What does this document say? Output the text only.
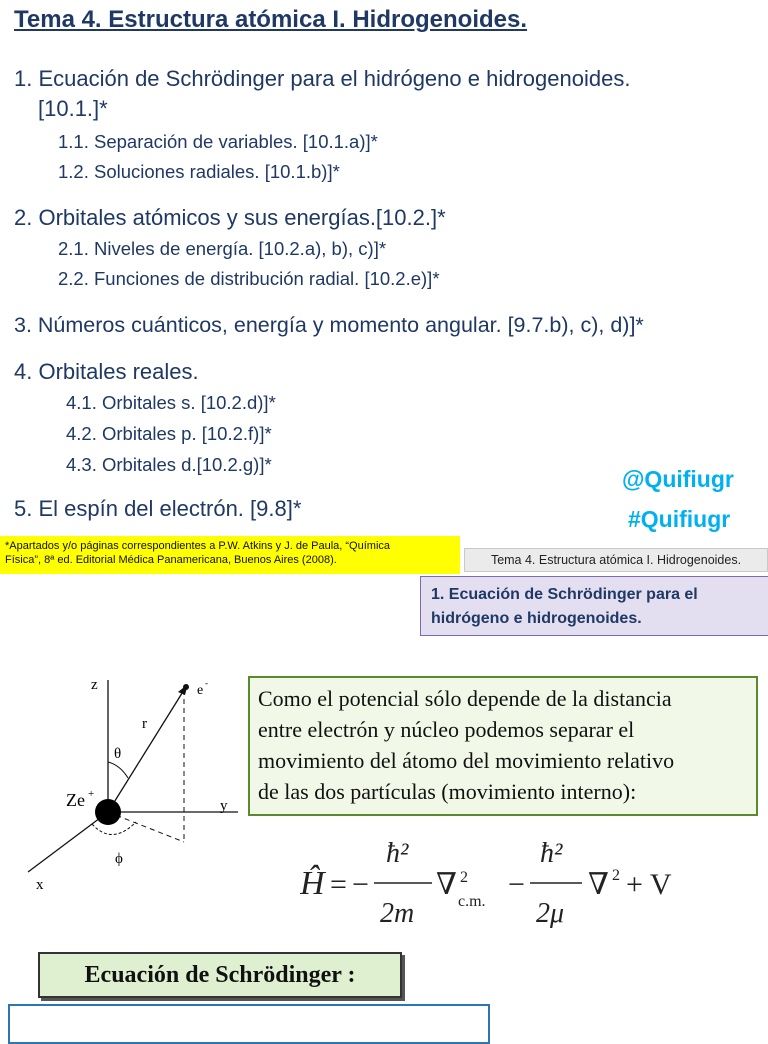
Tema 4. Estructura atómica I. Hidrogenoides.
1. Ecuación de Schrödinger para el hidrógeno e hidrogenoides.
[10.1.]*
1.1. Separación de variables. [10.1.a)]*
1.2. Soluciones radiales. [10.1.b)]*
2. Orbitales atómicos y sus energías.[10.2.]*
2.1. Niveles de energía. [10.2.a), b), c)]*
2.2. Funciones de distribución radial. [10.2.e)]*
3. Números cuánticos, energía y momento angular. [9.7.b), c), d)]*
4. Orbitales reales.
4.1. Orbitales s. [10.2.d)]*
4.2. Orbitales p. [10.2.f)]*
4.3. Orbitales d.[10.2.g)]*
5. El espín del electrón. [9.8]*
@Quifiugr
#Quifiugr
*Apartados y/o páginas correspondientes a P.W. Atkins y J. de Paula, “Química
Física”, 8ª ed. Editorial Médica Panamericana, Buenos Aires (2008).	Tema 4. Estructura atómica I. Hidrogenoides.
1. Ecuación de Schrödinger para el
hidrógeno e hidrogenoides.
z
y
x
e -
r
θ
ϕ
Ze +
Como el potencial sólo depende de la distancia
entre electrón y núcleo podemos separar el
movimiento del átomo del movimiento relativo
de las dos partículas (movimiento interno):
Ĥ = −
ħ²
2m
∇ 2
c.m.
−
ħ²
2μ
∇ 2 + V
Ecuación de Schrödinger :
